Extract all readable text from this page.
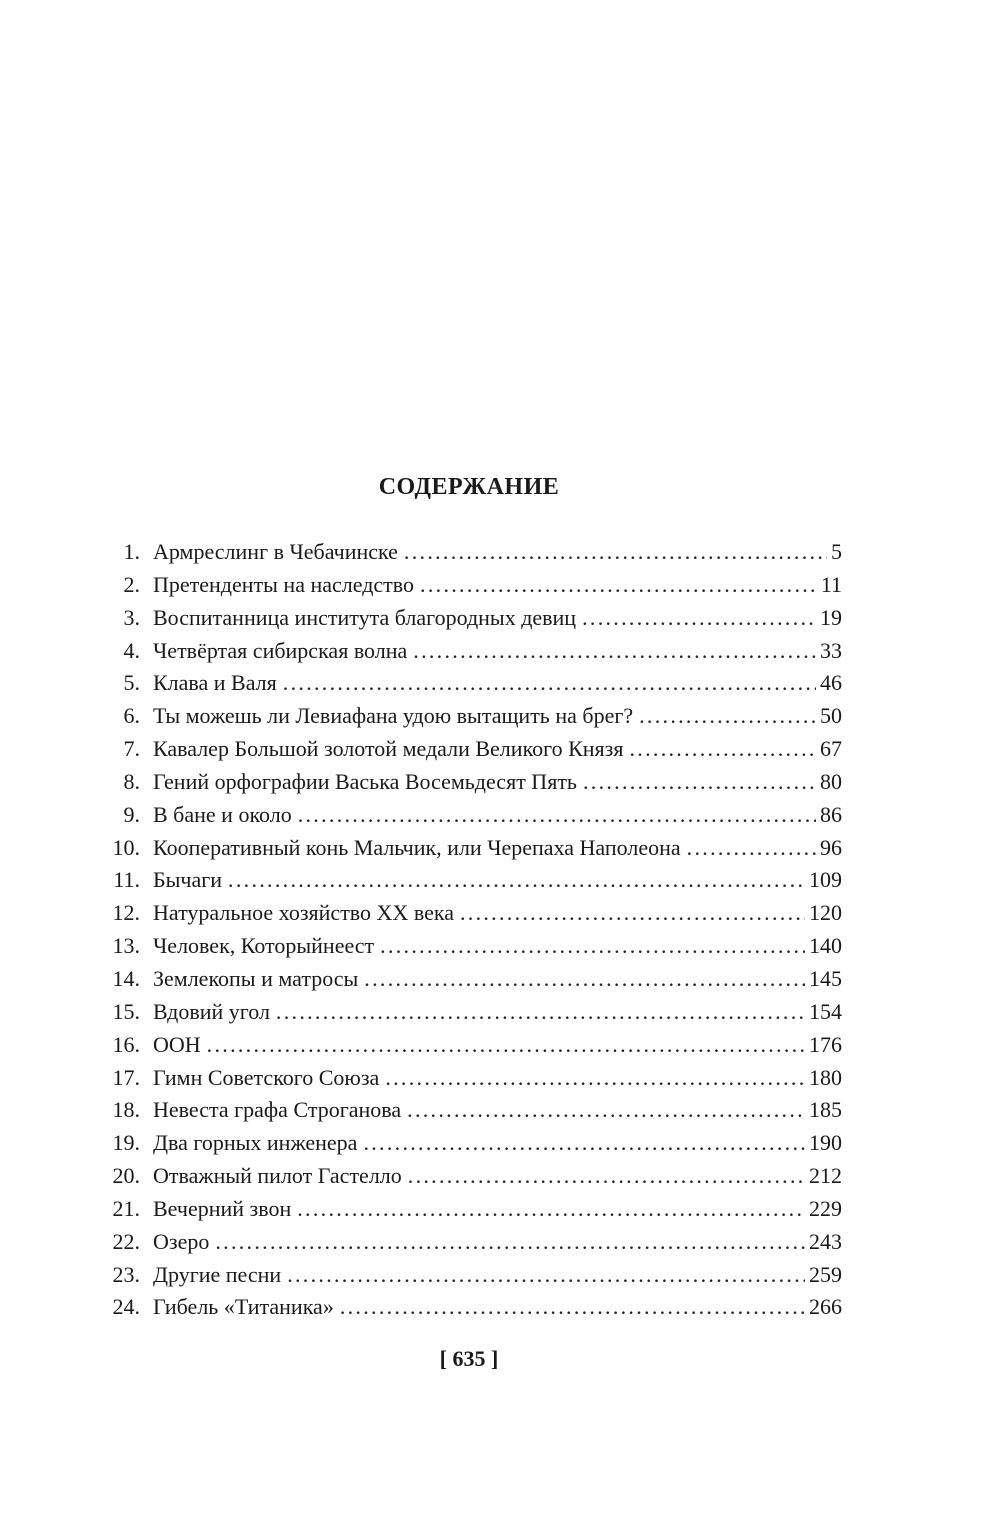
СОДЕРЖАНИЕ
1. Армреслинг в Чебачинске . . .	5
2. Претенденты на наследство . . .	11
3. Воспитанница института благородных девиц . . .	19
4. Четвёртая сибирская волна . . .	33
5. Клава и Валя . . .	46
6. Ты можешь ли Левиафана удою вытащить на брег? . . .	50
7. Кавалер Большой золотой медали Великого Князя . . .	67
8. Гений орфографии Васька Восемьдесят Пять . . .	80
9. В бане и около . . .	86
10. Кооперативный конь Мальчик, или Черепаха Наполеона . . .	96
11. Бычаги . . .	109
12. Натуральное хозяйство XX века . . .	120
13. Человек, Которыйнеест . . .	140
14. Землекопы и матросы . . .	145
15. Вдовий угол . . .	154
16. ООН . . .	176
17. Гимн Советского Союза . . .	180
18. Невеста графа Строганова . . .	185
19. Два горных инженера . . .	190
20. Отважный пилот Гастелло . . .	212
21. Вечерний звон . . .	229
22. Озеро . . .	243
23. Другие песни . . .	259
24. Гибель «Титаника» . . .	266
[ 635 ]
